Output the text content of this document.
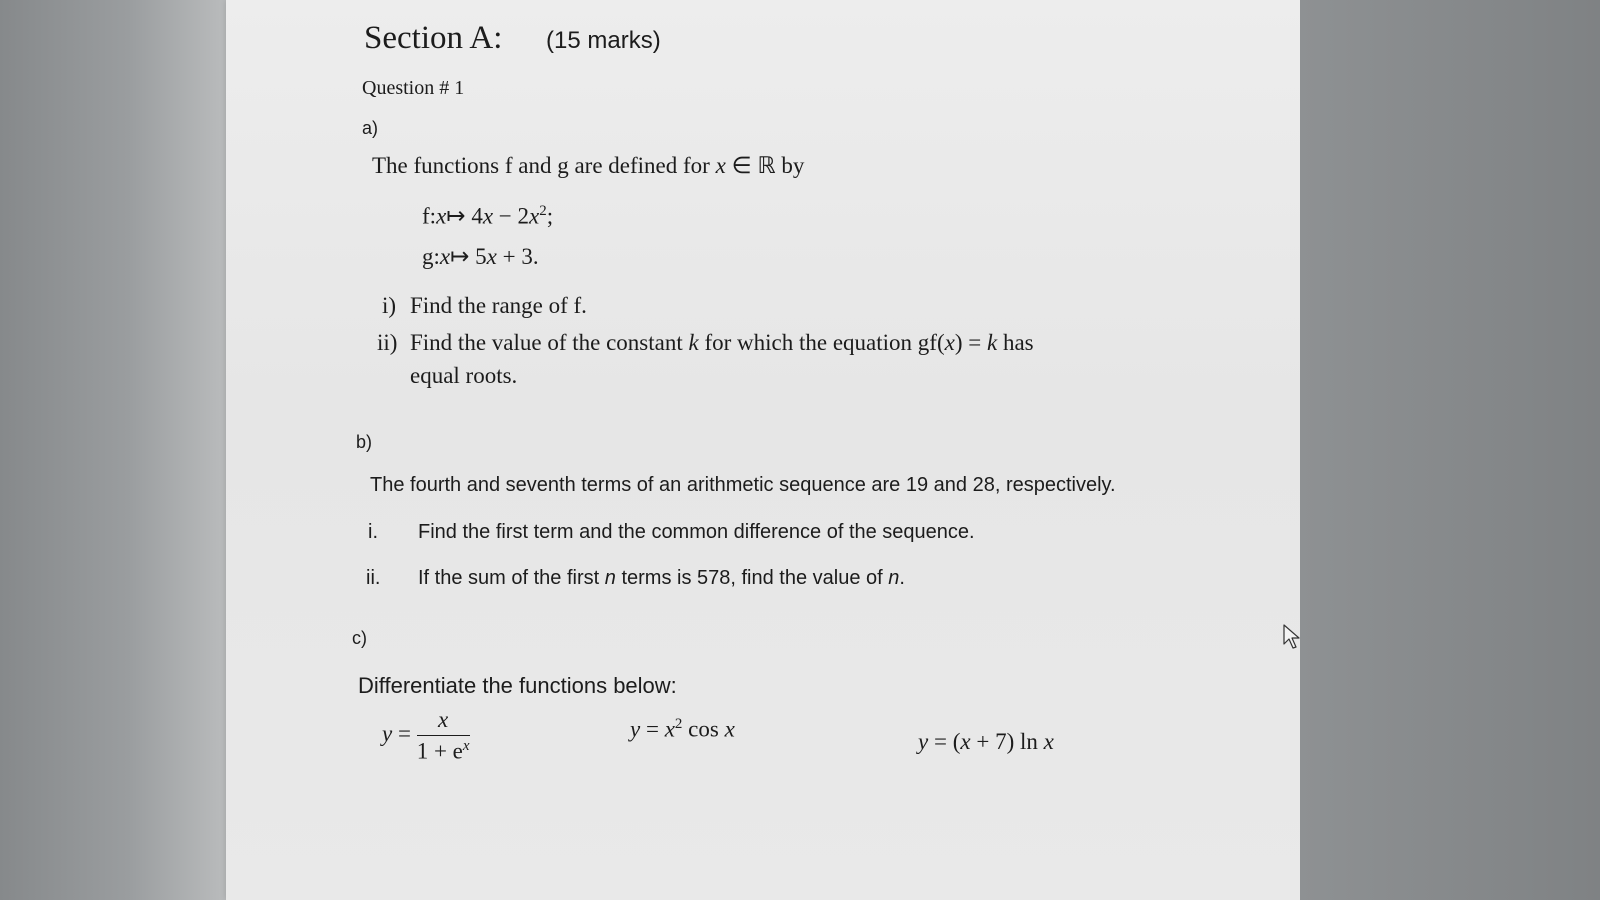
Section A: (15 marks)
Question # 1
a)
The functions f and g are defined for x ∈ ℝ by
f:x↦ $4x - 2x^2$;
g:x↦ 5x + 3.
i) Find the range of f.
ii) Find the value of the constant k for which the equation gf(x) = k has
equal roots.
b)
The fourth and seventh terms of an arithmetic sequence are 19 and 28, respectively.
i. Find the first term and the common difference of the sequence.
ii. If the sum of the first n terms is 578, find the value of n.
c)
Differentiate the functions below:
$y = \frac{x}{1 + e^x}$	$y = x^2$ cos x	y = (x + 7) ln x
